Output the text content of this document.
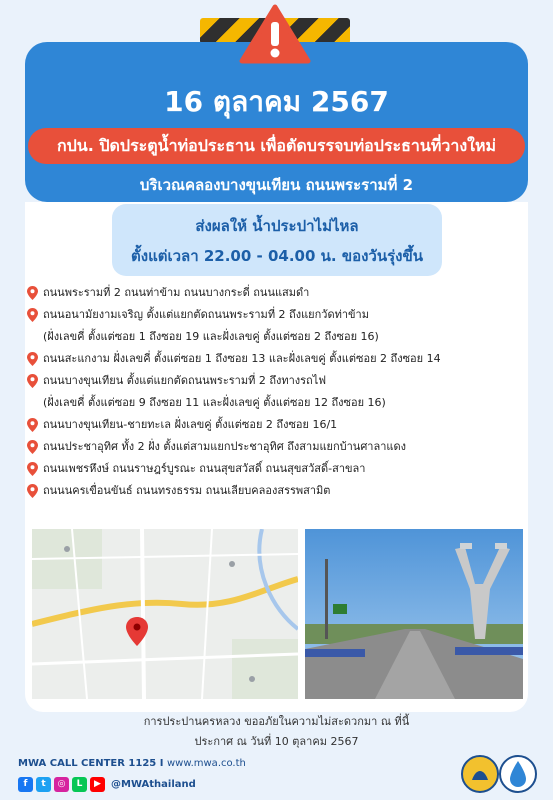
16 ตุลาคม 2567
กปน. ปิดประตูน้ำท่อประธาน เพื่อตัดบรรจบท่อประธานที่วางใหม่
บริเวณคลองบางขุนเทียน ถนนพระรามที่ 2
ส่งผลให้ น้ำประปาไม่ไหล
ตั้งแต่เวลา 22.00 - 04.00 น. ของวันรุ่งขึ้น
ถนนพระรามที่ 2 ถนนท่าข้าม ถนนบางกระดี่ ถนนแสมดำ
ถนนอนามัยงามเจริญ ตั้งแต่แยกตัดถนนพระรามที่ 2 ถึงแยกวัดท่าข้าม
(ฝั่งเลขคี่ ตั้งแต่ซอย 1 ถึงซอย 19 และฝั่งเลขคู่ ตั้งแต่ซอย 2 ถึงซอย 16)
ถนนสะแกงาม ฝั่งเลขคี่ ตั้งแต่ซอย 1 ถึงซอย 13 และฝั่งเลขคู่ ตั้งแต่ซอย 2 ถึงซอย 14
ถนนบางขุนเทียน ตั้งแต่แยกตัดถนนพระรามที่ 2 ถึงทางรถไฟ
(ฝั่งเลขคี่ ตั้งแต่ซอย 9 ถึงซอย 11 และฝั่งเลขคู่ ตั้งแต่ซอย 12 ถึงซอย 16)
ถนนบางขุนเทียน-ชายทะเล ฝั่งเลขคู่ ตั้งแต่ซอย 2 ถึงซอย 16/1
ถนนประชาอุทิศ ทั้ง 2 ฝั่ง ตั้งแต่สามแยกประชาอุทิศ ถึงสามแยกบ้านศาลาแดง
ถนนเพชรหึงษ์ ถนนราษฎร์บูรณะ ถนนสุขสวัสดิ์ ถนนสุขสวัสดิ์-สาขลา
ถนนนครเขื่อนขันธ์ ถนนทรงธรรม ถนนเลียบคลองสรรพสามิต
การประปานครหลวง ขออภัยในความไม่สะดวกมา ณ ที่นี้
ประกาศ ณ วันที่ 10 ตุลาคม 2567
MWA CALL CENTER 1125 I www.mwa.co.th
f	t	◎	L	▶	@MWAthailand
